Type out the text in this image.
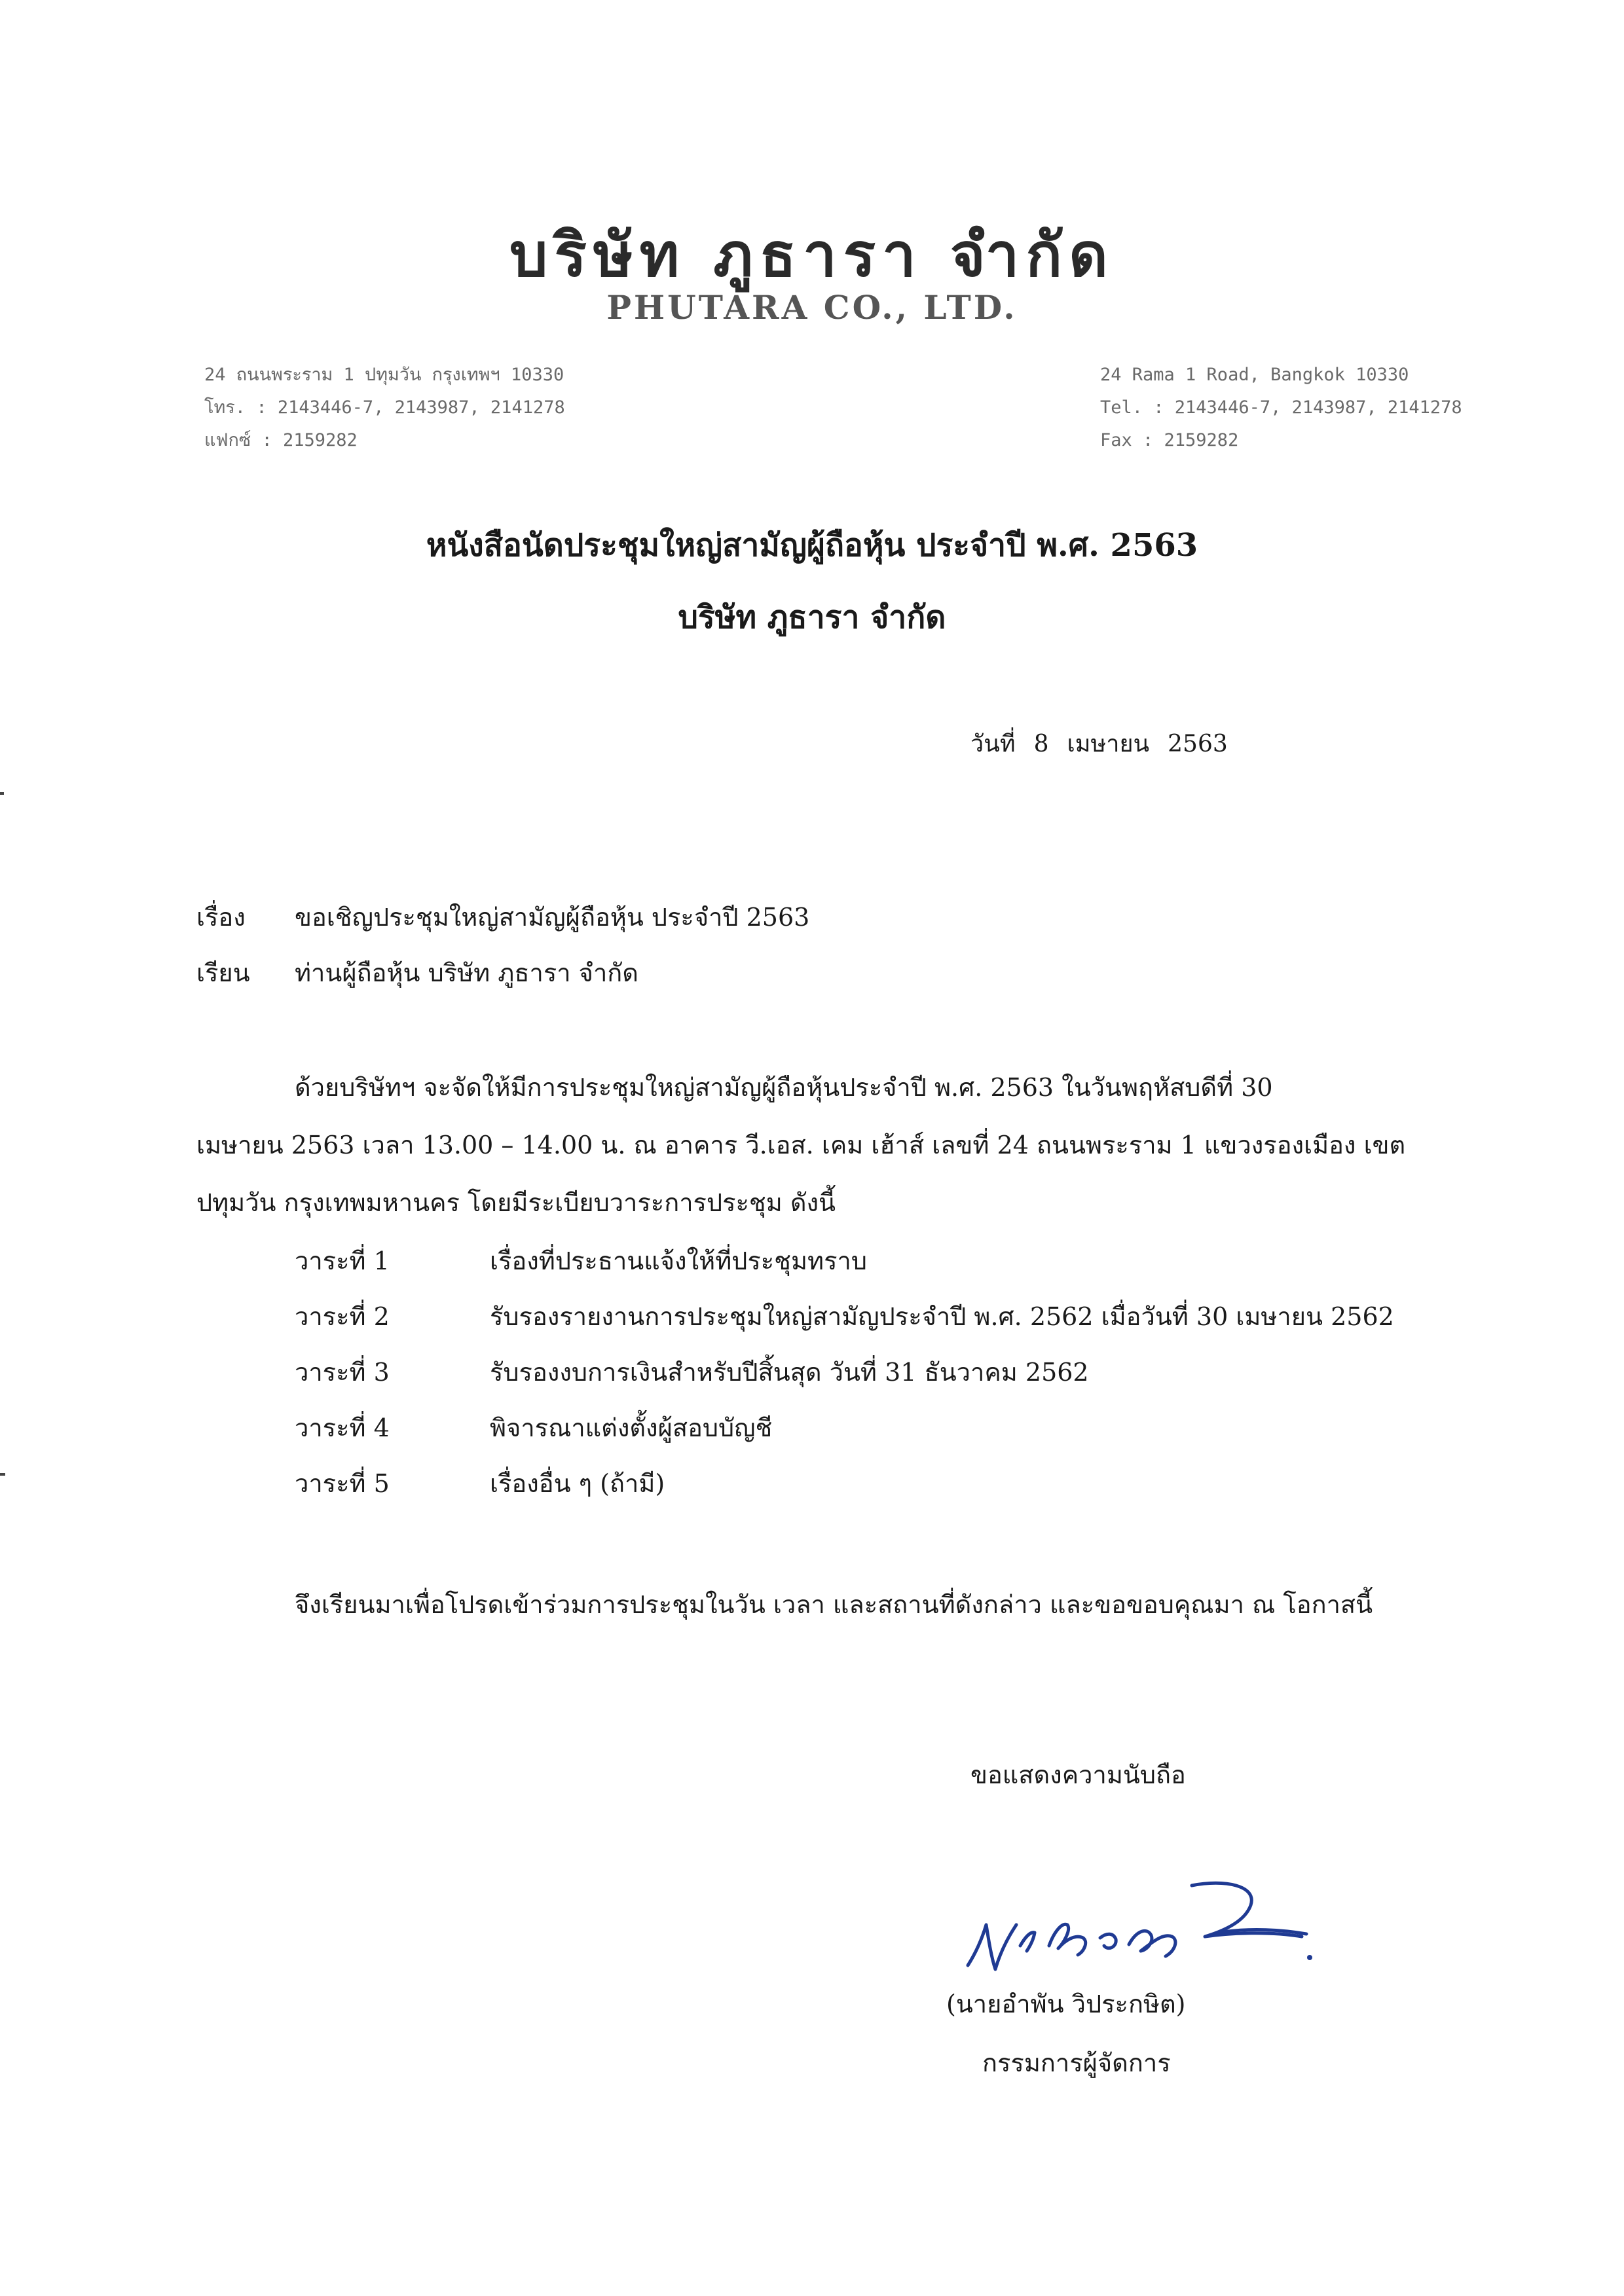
บริษัท ภูธารา จำกัด
PHUTARA CO., LTD.
24 ถนนพระราม 1 ปทุมวัน กรุงเทพฯ 10330
โทร. : 2143446-7, 2143987, 2141278
แฟกซ์ : 2159282
24 Rama 1 Road, Bangkok 10330
Tel. : 2143446-7, 2143987, 2141278
Fax : 2159282
หนังสือนัดประชุมใหญ่สามัญผู้ถือหุ้น ประจำปี พ.ศ. 2563
บริษัท ภูธารา จำกัด
วันที่ 8 เมษายน 2563
เรื่อง ขอเชิญประชุมใหญ่สามัญผู้ถือหุ้น ประจำปี 2563
เรียน ท่านผู้ถือหุ้น บริษัท ภูธารา จำกัด
ด้วยบริษัทฯ จะจัดให้มีการประชุมใหญ่สามัญผู้ถือหุ้นประจำปี พ.ศ. 2563 ในวันพฤหัสบดีที่ 30
เมษายน 2563 เวลา 13.00 – 14.00 น. ณ อาคาร วี.เอส. เคม เฮ้าส์ เลขที่ 24 ถนนพระราม 1 แขวงรองเมือง เขต
ปทุมวัน กรุงเทพมหานคร โดยมีระเบียบวาระการประชุม ดังนี้
วาระที่ 1	เรื่องที่ประธานแจ้งให้ที่ประชุมทราบ
วาระที่ 2	รับรองรายงานการประชุมใหญ่สามัญประจำปี พ.ศ. 2562 เมื่อวันที่ 30 เมษายน 2562
วาระที่ 3	รับรองงบการเงินสำหรับปีสิ้นสุด วันที่ 31 ธันวาคม 2562
วาระที่ 4	พิจารณาแต่งตั้งผู้สอบบัญชี
วาระที่ 5	เรื่องอื่น ๆ (ถ้ามี)
จึงเรียนมาเพื่อโปรดเข้าร่วมการประชุมในวัน เวลา และสถานที่ดังกล่าว และขอขอบคุณมา ณ โอกาสนี้
ขอแสดงความนับถือ
(นายอำพัน วิประกษิต)
กรรมการผู้จัดการ
